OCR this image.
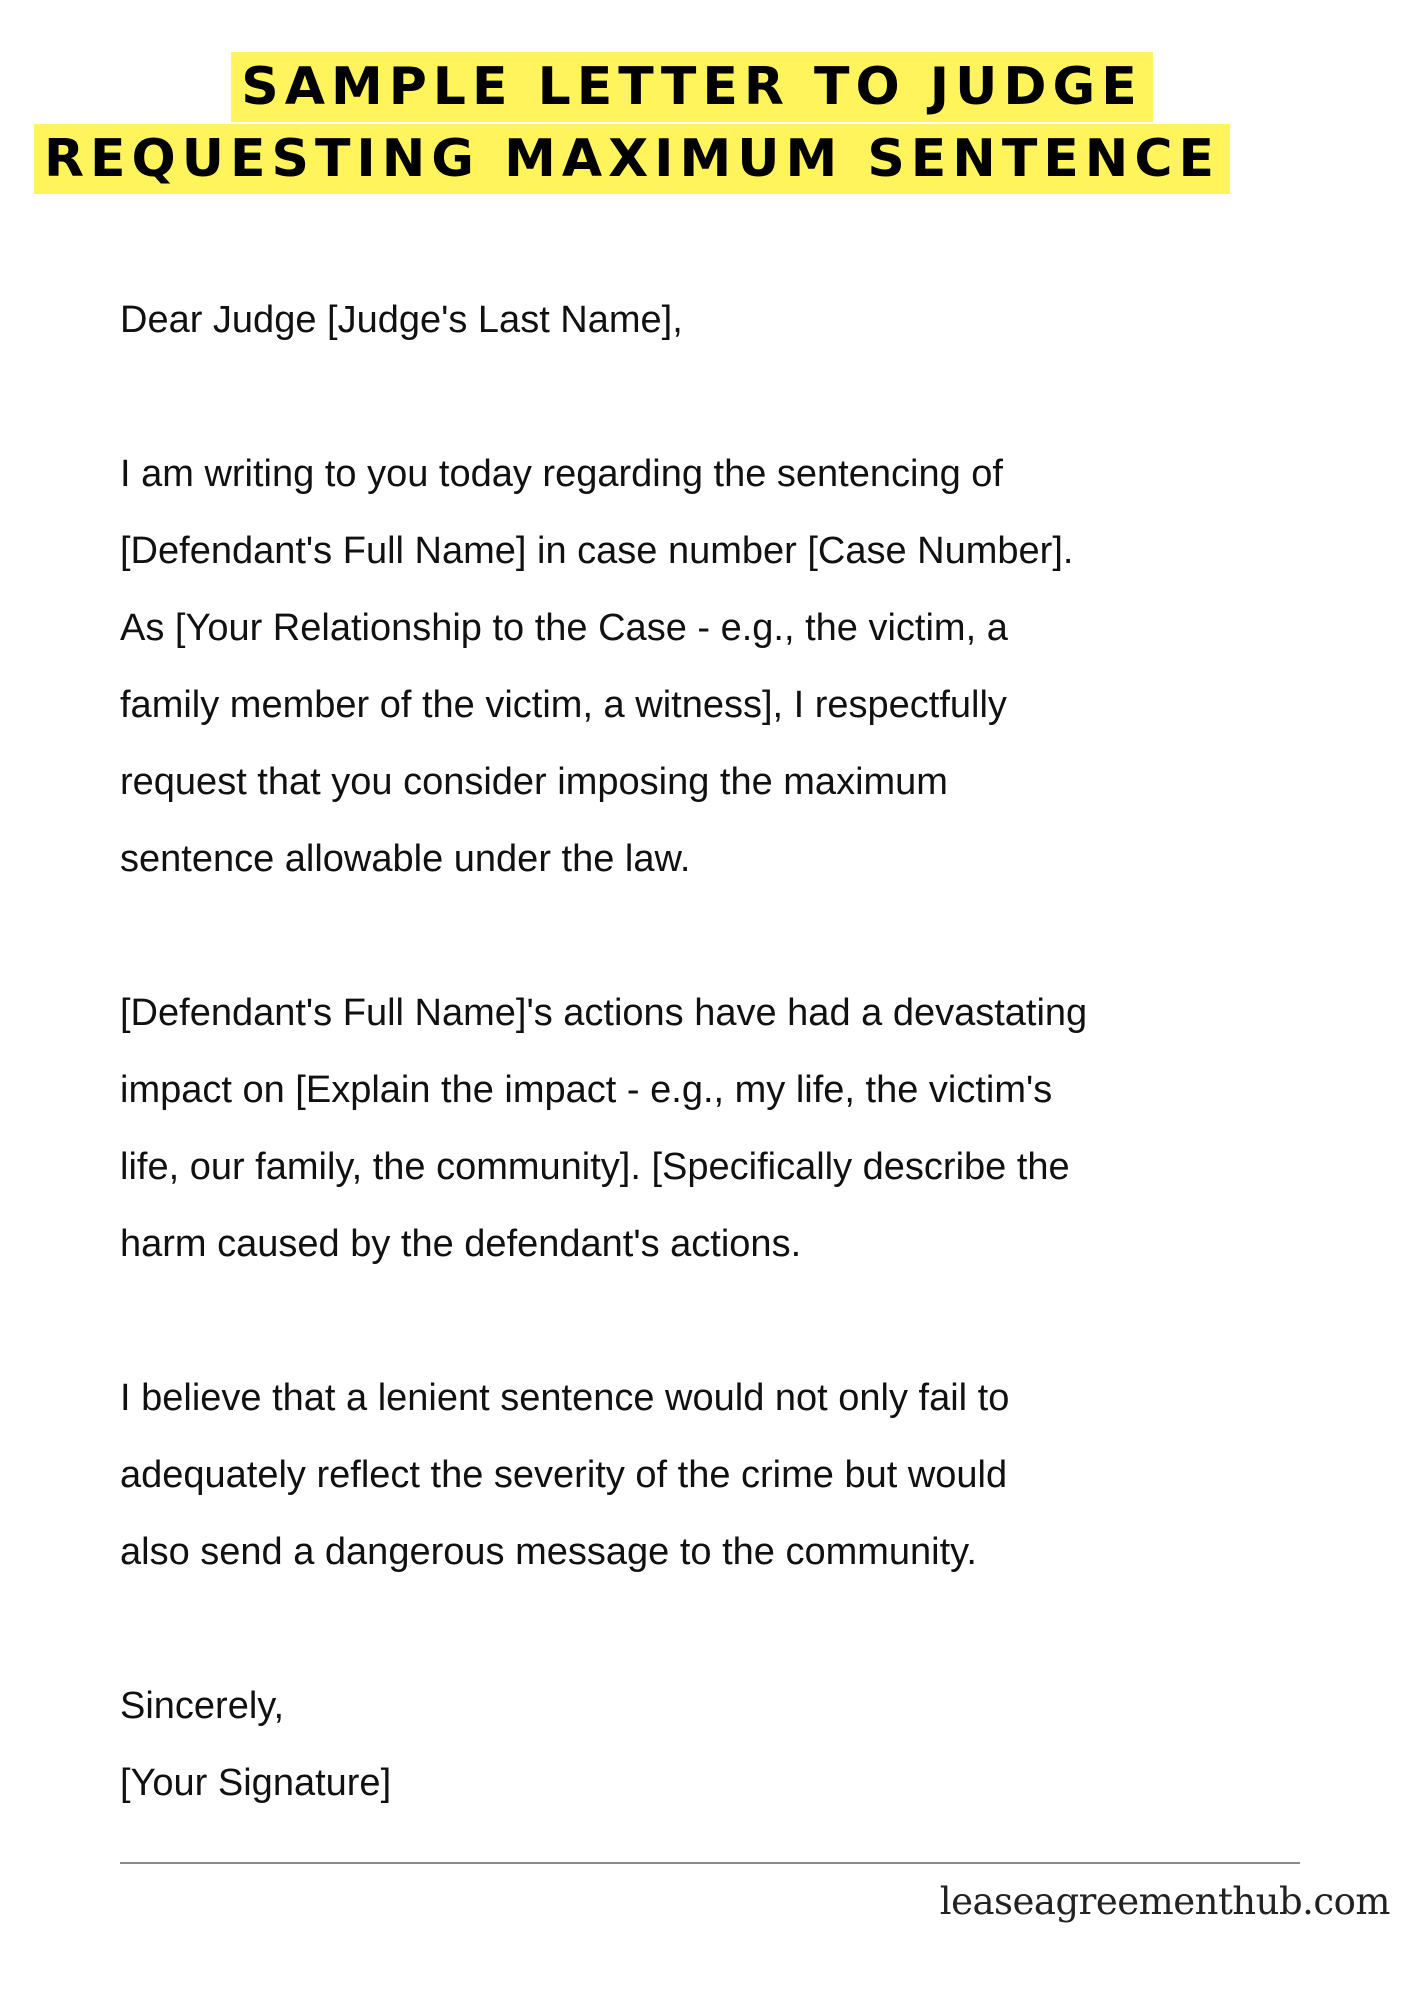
SAMPLE LETTER TO JUDGE
REQUESTING MAXIMUM SENTENCE

Dear Judge [Judge's Last Name],

I am writing to you today regarding the sentencing of
[Defendant's Full Name] in case number [Case Number].
As [Your Relationship to the Case - e.g., the victim, a
family member of the victim, a witness], I respectfully
request that you consider imposing the maximum
sentence allowable under the law.

[Defendant's Full Name]'s actions have had a devastating
impact on [Explain the impact - e.g., my life, the victim's
life, our family, the community]. [Specifically describe the
harm caused by the defendant's actions.

I believe that a lenient sentence would not only fail to
adequately reflect the severity of the crime but would
also send a dangerous message to the community.

Sincerely,

[Your Signature]

leaseagreementhub.com
